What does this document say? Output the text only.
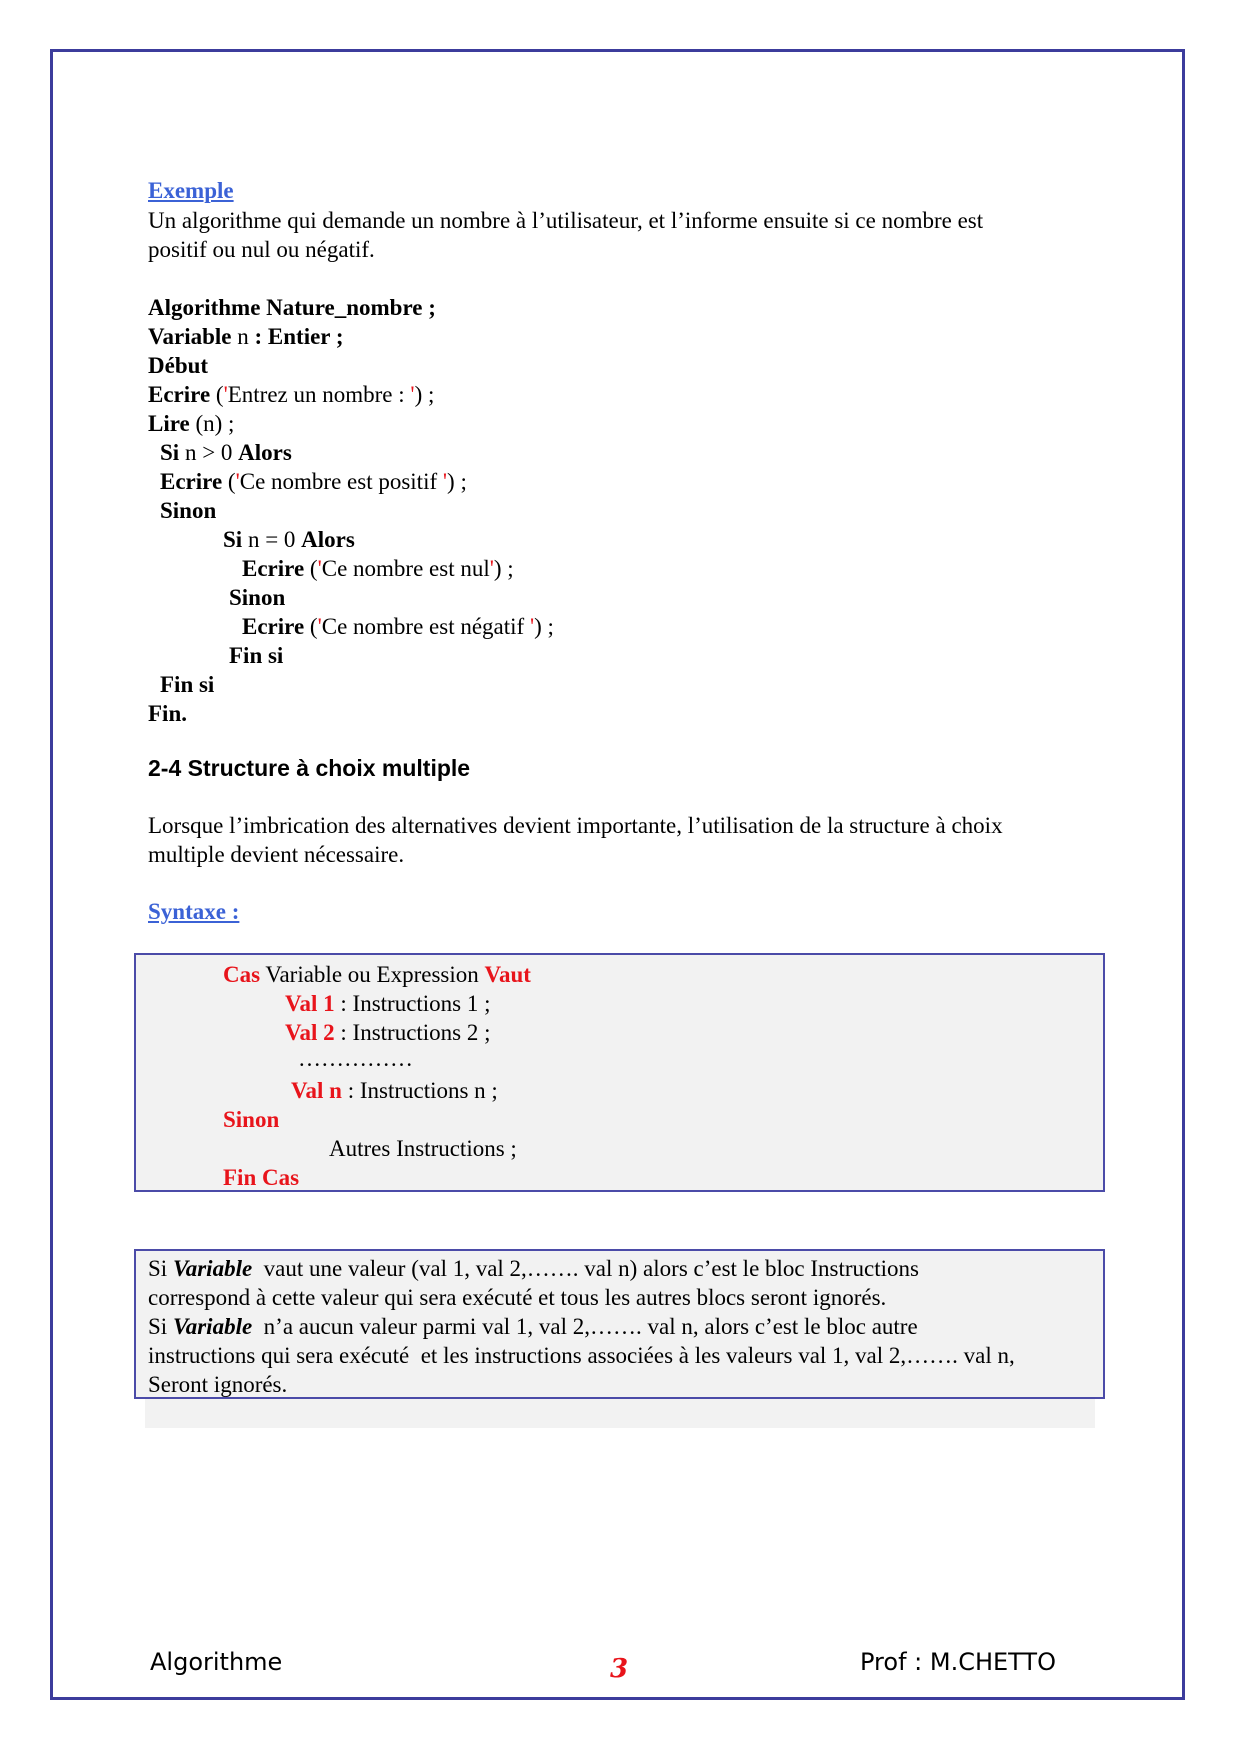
Exemple
Un algorithme qui demande un nombre à l’utilisateur, et l’informe ensuite si ce nombre est
positif ou nul ou négatif.
Algorithme Nature_nombre ;
Variable n : Entier ;
Début
Ecrire ('Entrez un nombre : ') ;
Lire (n) ;
Si n > 0 Alors
Ecrire ('Ce nombre est positif ') ;
Sinon
Si n = 0 Alors
Ecrire ('Ce nombre est nul') ;
Sinon
Ecrire ('Ce nombre est négatif ') ;
Fin si
Fin si
Fin.
2-4 Structure à choix multiple
Lorsque l’imbrication des alternatives devient importante, l’utilisation de la structure à choix
multiple devient nécessaire.
Syntaxe :
Cas Variable ou Expression Vaut
Val 1 : Instructions 1 ;
Val 2 : Instructions 2 ;
……………
Val n : Instructions n ;
Sinon
Autres Instructions ;
Fin Cas
Si Variable  vaut une valeur (val 1, val 2,……. val n) alors c’est le bloc Instructions
correspond à cette valeur qui sera exécuté et tous les autres blocs seront ignorés.
Si Variable  n’a aucun valeur parmi val 1, val 2,……. val n, alors c’est le bloc autre
instructions qui sera exécuté  et les instructions associées à les valeurs val 1, val 2,……. val n,
Seront ignorés.
Algorithme	3	Prof : M.CHETTO
